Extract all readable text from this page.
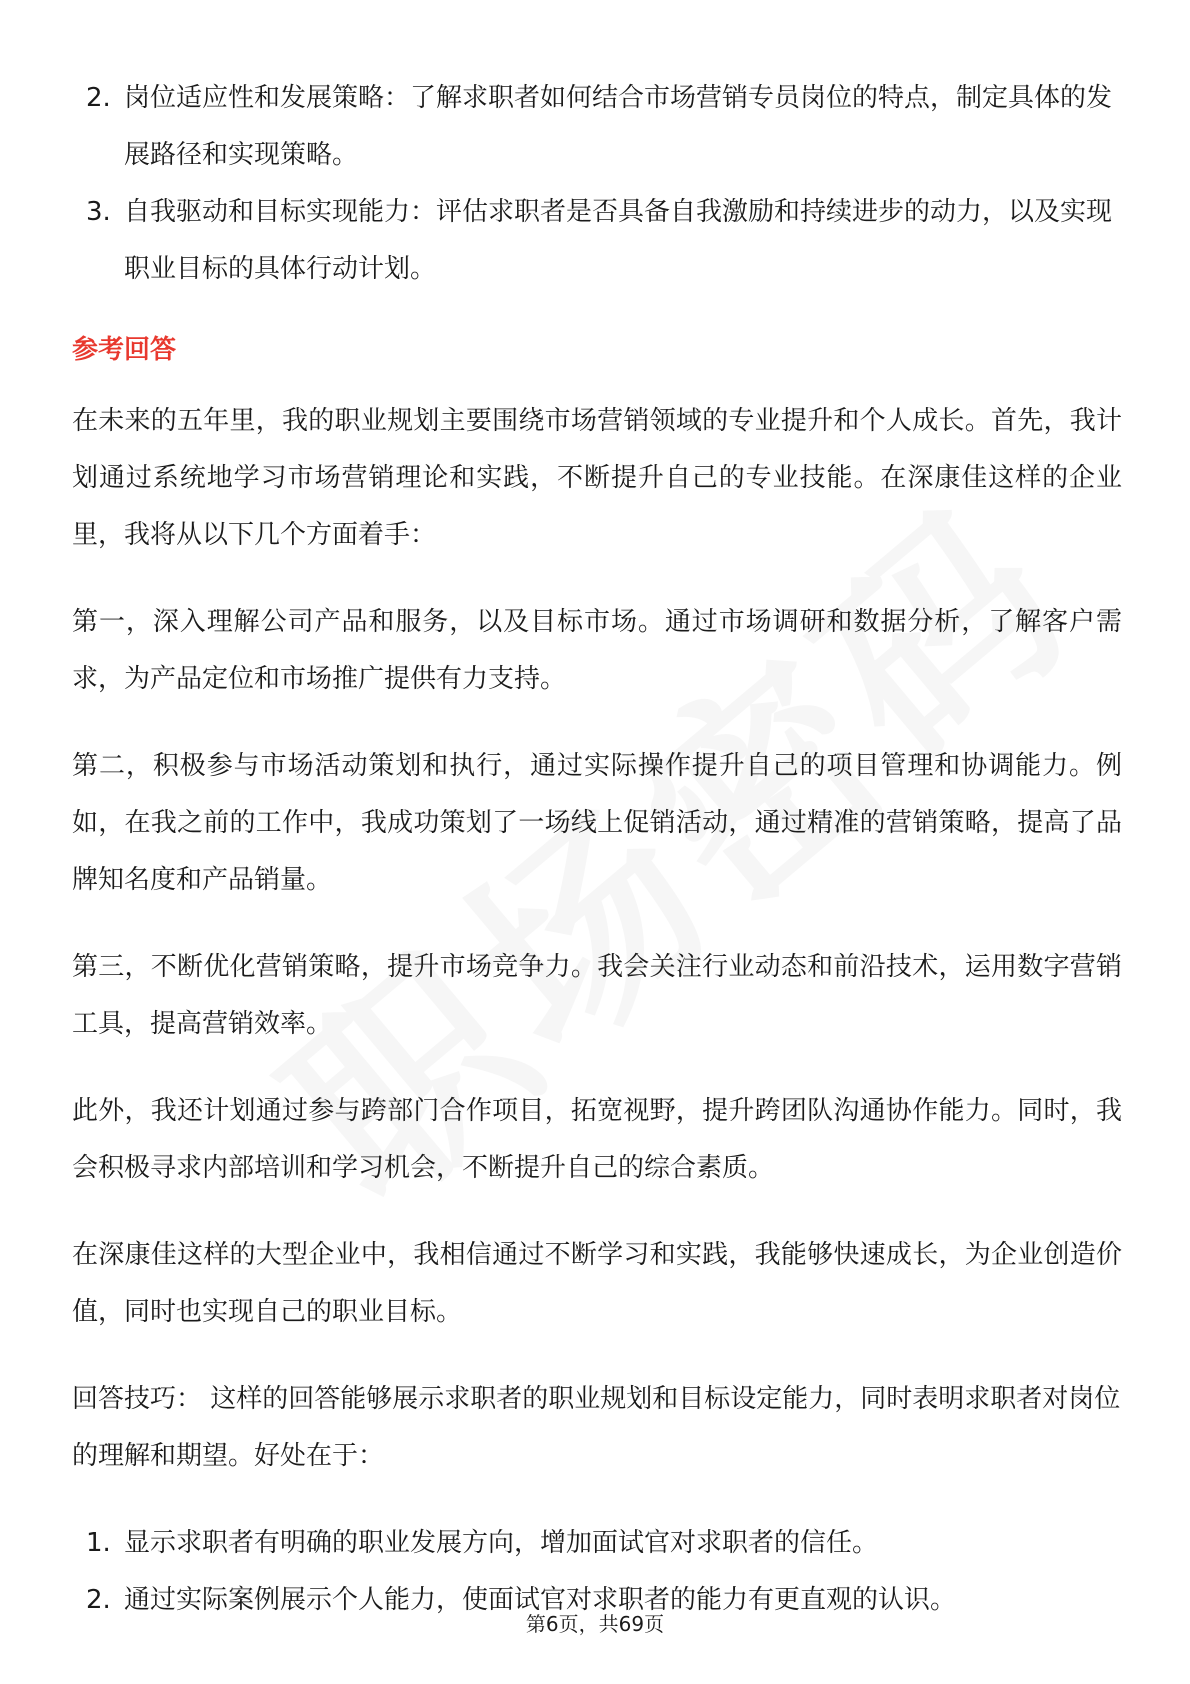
2. 岗位适应性和发展策略：了解求职者如何结合市场营销专员岗位的特点，制定具体的发展路径和实现策略。
3. 自我驱动和目标实现能力：评估求职者是否具备自我激励和持续进步的动力，以及实现职业目标的具体行动计划。
参考回答

在未来的五年里，我的职业规划主要围绕市场营销领域的专业提升和个人成长。首先，我计划通过系统地学习市场营销理论和实践，不断提升自己的专业技能。在深康佳这样的企业里，我将从以下几个方面着手：

第一，深入理解公司产品和服务，以及目标市场。通过市场调研和数据分析，了解客户需求，为产品定位和市场推广提供有力支持。

第二，积极参与市场活动策划和执行，通过实际操作提升自己的项目管理和协调能力。例如，在我之前的工作中，我成功策划了一场线上促销活动，通过精准的营销策略，提高了品牌知名度和产品销量。

第三，不断优化营销策略，提升市场竞争力。我会关注行业动态和前沿技术，运用数字营销工具，提高营销效率。

此外，我还计划通过参与跨部门合作项目，拓宽视野，提升跨团队沟通协作能力。同时，我会积极寻求内部培训和学习机会，不断提升自己的综合素质。

在深康佳这样的大型企业中，我相信通过不断学习和实践，我能够快速成长，为企业创造价值，同时也实现自己的职业目标。

回答技巧： 这样的回答能够展示求职者的职业规划和目标设定能力，同时表明求职者对岗位的理解和期望。好处在于：

1. 显示求职者有明确的职业发展方向，增加面试官对求职者的信任。
2. 通过实际案例展示个人能力，使面试官对求职者的能力有更直观的认识。
第6页，共69页
